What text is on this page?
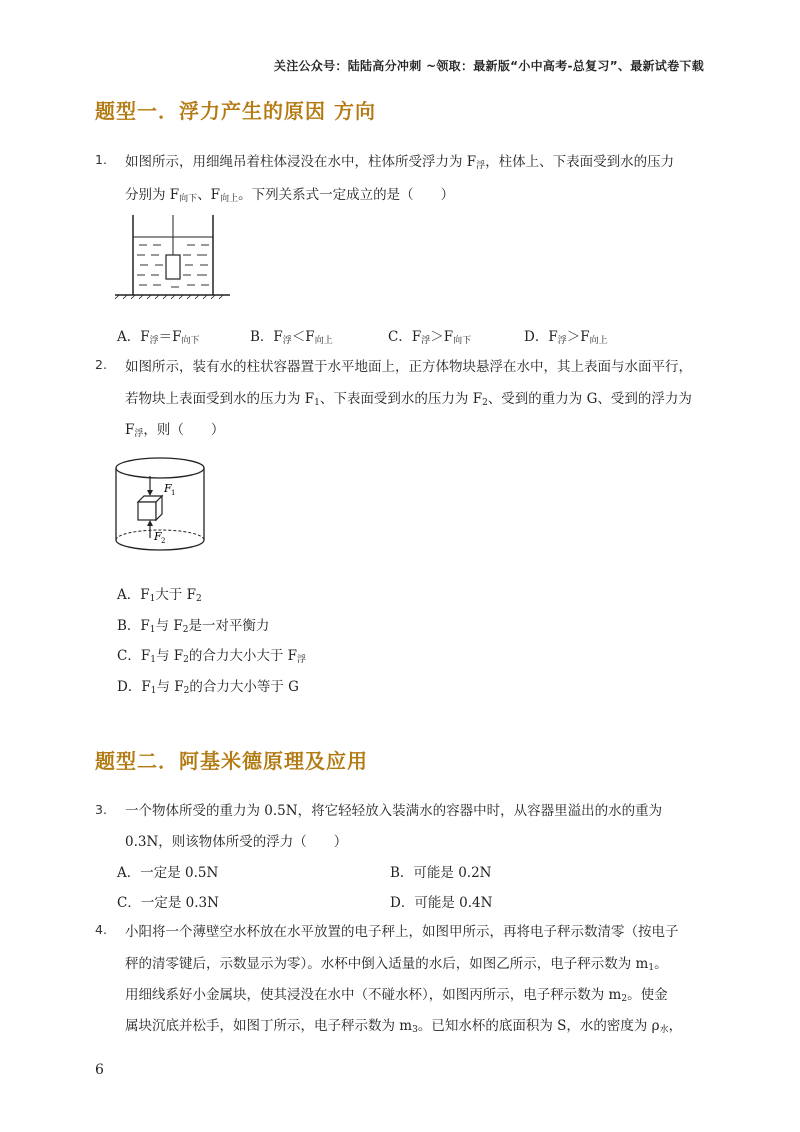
关注公众号：陆陆高分冲刺 ~领取：最新版“小中高考-总复习”、最新试卷下载
题型一．浮力产生的原因 方向
1. 如图所示，用细绳吊着柱体浸没在水中，柱体所受浮力为 $F_浮$，柱体上、下表面受到水的压力
分别为 $F_{向下}$、$F_{向上}$。下列关系式一定成立的是（　　）
A．$F_浮=F_{向下}$	B．$F_浮<F_{向上}$	C．$F_浮>F_{向下}$	D．$F_浮>F_{向上}$
2. 如图所示，装有水的柱状容器置于水平地面上，正方体物块悬浮在水中，其上表面与水面平行，
若物块上表面受到水的压力为 $F_1$、下表面受到水的压力为 $F_2$、受到的重力为 G、受到的浮力为
$F_浮$，则（　　）
F 1
F 2
A．$F_1$大于 $F_2$
B．$F_1$与 $F_2$是一对平衡力
C．$F_1$与 $F_2$的合力大小大于 $F_浮$
D．$F_1$与 $F_2$的合力大小等于 G
题型二．阿基米德原理及应用
3. 一个物体所受的重力为 0.5N，将它轻轻放入装满水的容器中时，从容器里溢出的水的重为
0.3N，则该物体所受的浮力（　　）
A．一定是 0.5N	B．可能是 0.2N
C．一定是 0.3N	D．可能是 0.4N
4. 小阳将一个薄壁空水杯放在水平放置的电子秤上，如图甲所示，再将电子秤示数清零（按电子
秤的清零键后，示数显示为零）。水杯中倒入适量的水后，如图乙所示，电子秤示数为 $m_1$。
用细线系好小金属块，使其浸没在水中（不碰水杯），如图丙所示，电子秤示数为 $m_2$。使金
属块沉底并松手，如图丁所示，电子秤示数为 $m_3$。已知水杯的底面积为 S，水的密度为 $\rho_水$，
6
